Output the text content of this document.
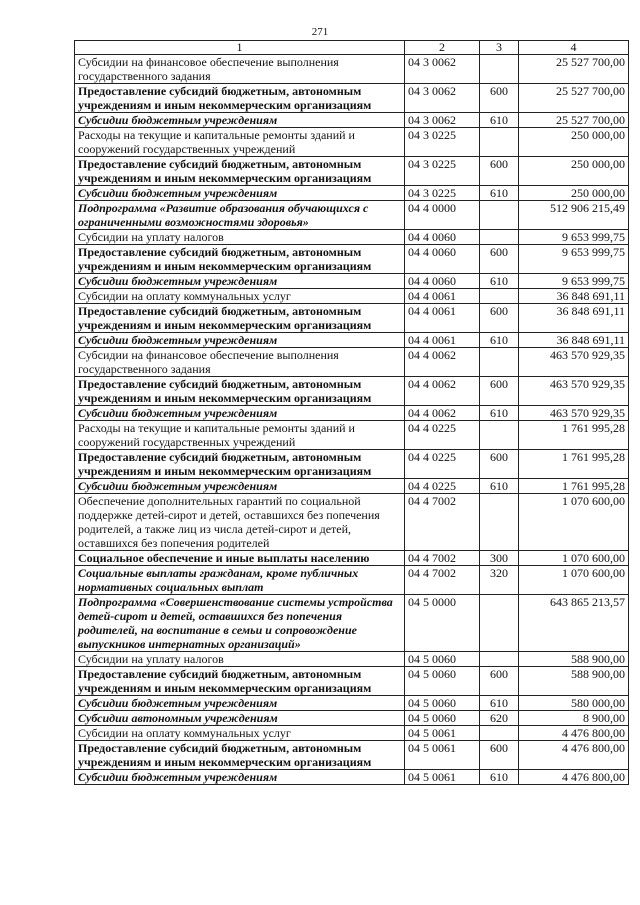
271
1	2	3	4
Субсидии на финансовое обеспечение выполнения государственного задания	04 3 0062		25 527 700,00
Предоставление субсидий бюджетным, автономным учреждениям и иным некоммерческим организациям	04 3 0062	600	25 527 700,00
Субсидии бюджетным учреждениям	04 3 0062	610	25 527 700,00
Расходы на текущие и капитальные ремонты зданий и сооружений государственных учреждений	04 3 0225		250 000,00
Предоставление субсидий бюджетным, автономным учреждениям и иным некоммерческим организациям	04 3 0225	600	250 000,00
Субсидии бюджетным учреждениям	04 3 0225	610	250 000,00
Подпрограмма «Развитие образования обучающихся с ограниченными возможностями здоровья»	04 4 0000		512 906 215,49
Субсидии на уплату налогов	04 4 0060		9 653 999,75
Предоставление субсидий бюджетным, автономным учреждениям и иным некоммерческим организациям	04 4 0060	600	9 653 999,75
Субсидии бюджетным учреждениям	04 4 0060	610	9 653 999,75
Субсидии на оплату коммунальных услуг	04 4 0061		36 848 691,11
Предоставление субсидий бюджетным, автономным учреждениям и иным некоммерческим организациям	04 4 0061	600	36 848 691,11
Субсидии бюджетным учреждениям	04 4 0061	610	36 848 691,11
Субсидии на финансовое обеспечение выполнения государственного задания	04 4 0062		463 570 929,35
Предоставление субсидий бюджетным, автономным учреждениям и иным некоммерческим организациям	04 4 0062	600	463 570 929,35
Субсидии бюджетным учреждениям	04 4 0062	610	463 570 929,35
Расходы на текущие и капитальные ремонты зданий и сооружений государственных учреждений	04 4 0225		1 761 995,28
Предоставление субсидий бюджетным, автономным учреждениям и иным некоммерческим организациям	04 4 0225	600	1 761 995,28
Субсидии бюджетным учреждениям	04 4 0225	610	1 761 995,28
Обеспечение дополнительных гарантий по социальной поддержке детей-сирот и детей, оставшихся без попечения родителей, а также лиц из числа детей-сирот и детей, оставшихся без попечения родителей	04 4 7002		1 070 600,00
Социальное обеспечение и иные выплаты населению	04 4 7002	300	1 070 600,00
Социальные выплаты гражданам, кроме публичных нормативных социальных выплат	04 4 7002	320	1 070 600,00
Подпрограмма «Совершенствование системы устройства детей-сирот и детей, оставшихся без попечения родителей, на воспитание в семьи и сопровождение выпускников интернатных организаций»	04 5 0000		643 865 213,57
Субсидии на уплату налогов	04 5 0060		588 900,00
Предоставление субсидий бюджетным, автономным учреждениям и иным некоммерческим организациям	04 5 0060	600	588 900,00
Субсидии бюджетным учреждениям	04 5 0060	610	580 000,00
Субсидии автономным учреждениям	04 5 0060	620	8 900,00
Субсидии на оплату коммунальных услуг	04 5 0061		4 476 800,00
Предоставление субсидий бюджетным, автономным учреждениям и иным некоммерческим организациям	04 5 0061	600	4 476 800,00
Субсидии бюджетным учреждениям	04 5 0061	610	4 476 800,00
